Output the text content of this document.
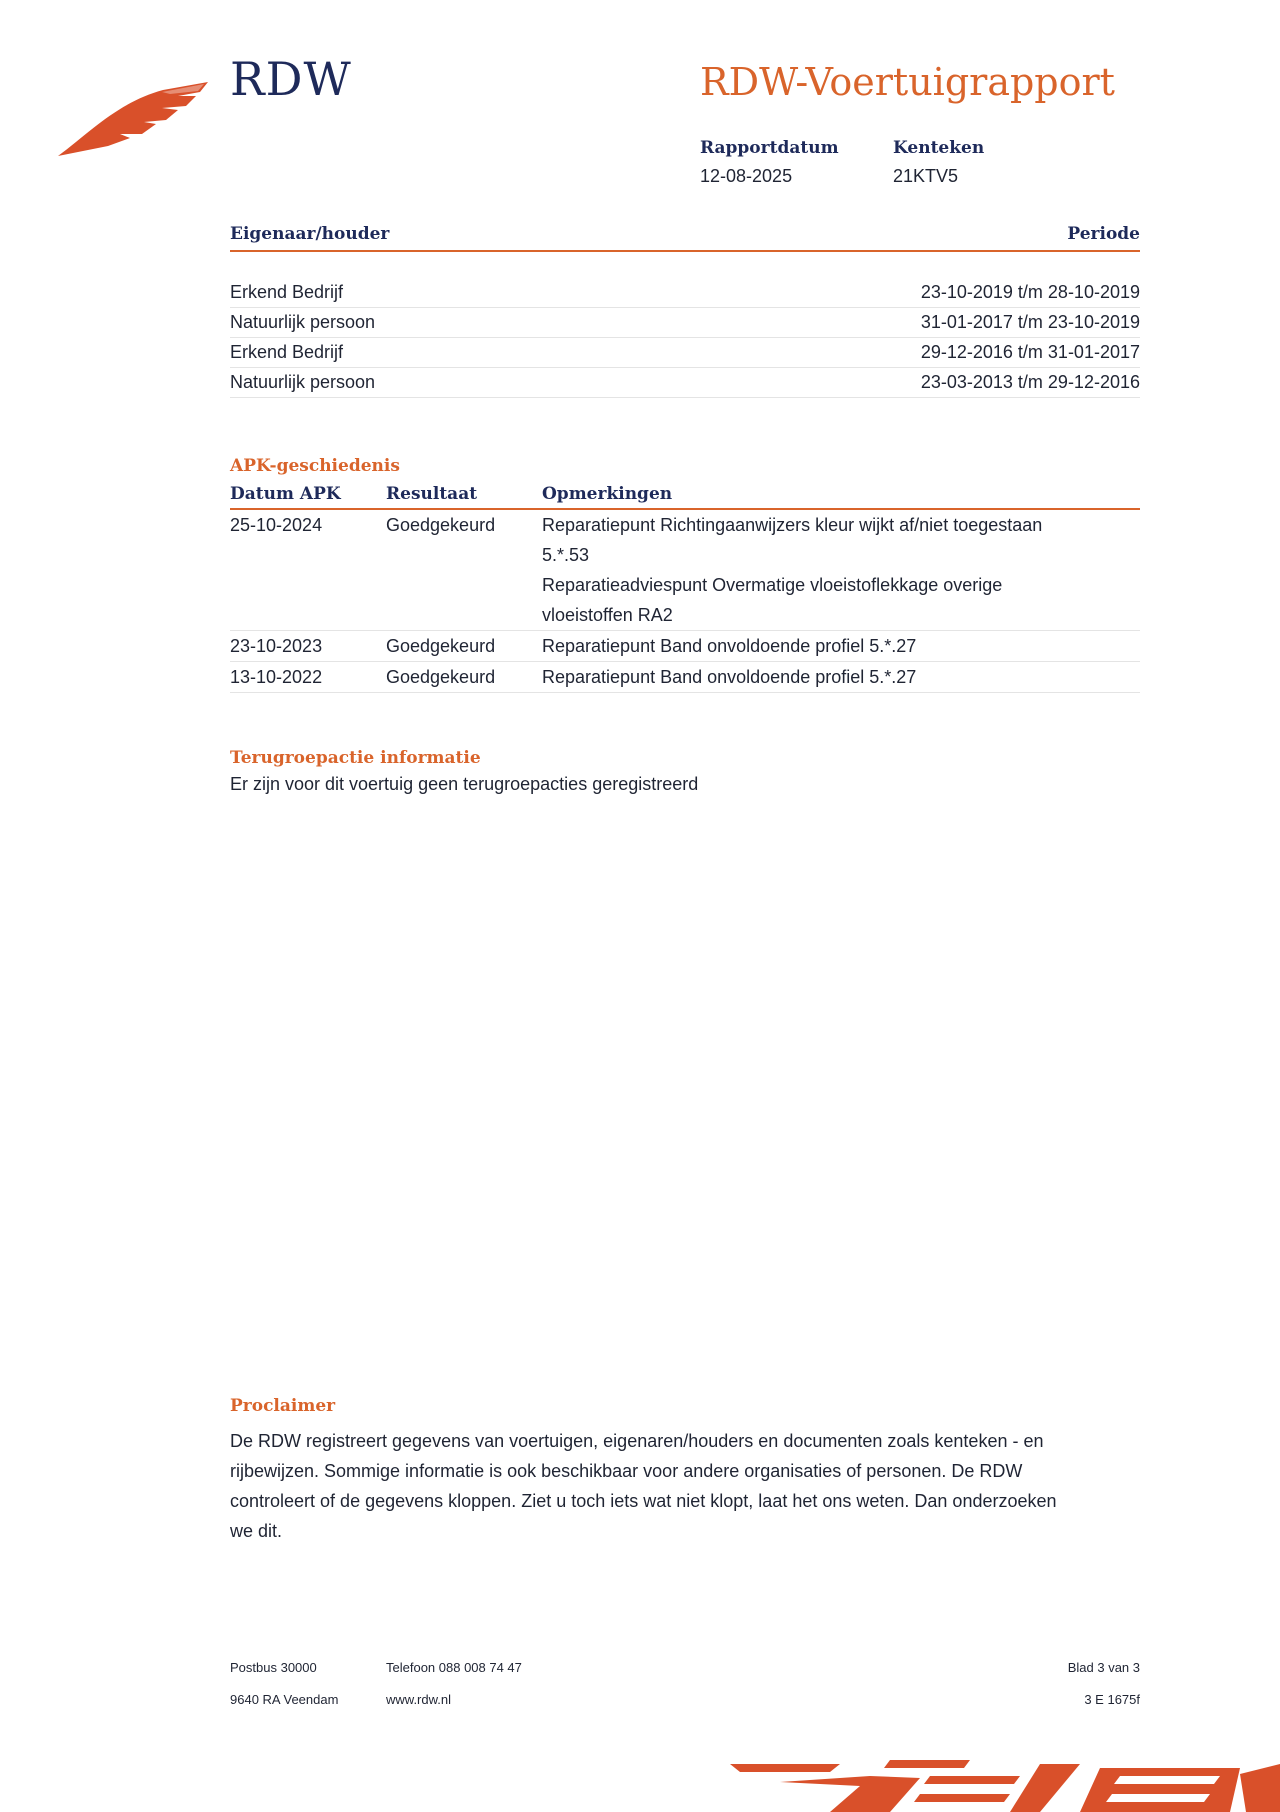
RDW	RDW-Voertuigrapport
Rapportdatum
12-08-2025
Kenteken
21KTV5
Eigenaar/houder	Periode
Erkend Bedrijf	23-10-2019 t/m 28-10-2019
Natuurlijk persoon	31-01-2017 t/m 23-10-2019
Erkend Bedrijf	29-12-2016 t/m 31-01-2017
Natuurlijk persoon	23-03-2013 t/m 29-12-2016
APK-geschiedenis
Datum APK	Resultaat	Opmerkingen
25-10-2024	Goedgekeurd	Reparatiepunt Richtingaanwijzers kleur wijkt af/niet toegestaan
5.*.53
Reparatieadviespunt Overmatige vloeistoflekkage overige
vloeistoffen RA2
23-10-2023	Goedgekeurd	Reparatiepunt Band onvoldoende profiel 5.*.27
13-10-2022	Goedgekeurd	Reparatiepunt Band onvoldoende profiel 5.*.27
Terugroepactie informatie
Er zijn voor dit voertuig geen terugroepacties geregistreerd
Proclaimer
De RDW registreert gegevens van voertuigen, eigenaren/houders en documenten zoals kenteken - en
rijbewijzen. Sommige informatie is ook beschikbaar voor andere organisaties of personen. De RDW
controleert of de gegevens kloppen. Ziet u toch iets wat niet klopt, laat het ons weten. Dan onderzoeken
we dit.
Postbus 30000
9640 RA Veendam
Telefoon 088 008 74 47
www.rdw.nl
Blad 3 van 3
3 E 1675f
